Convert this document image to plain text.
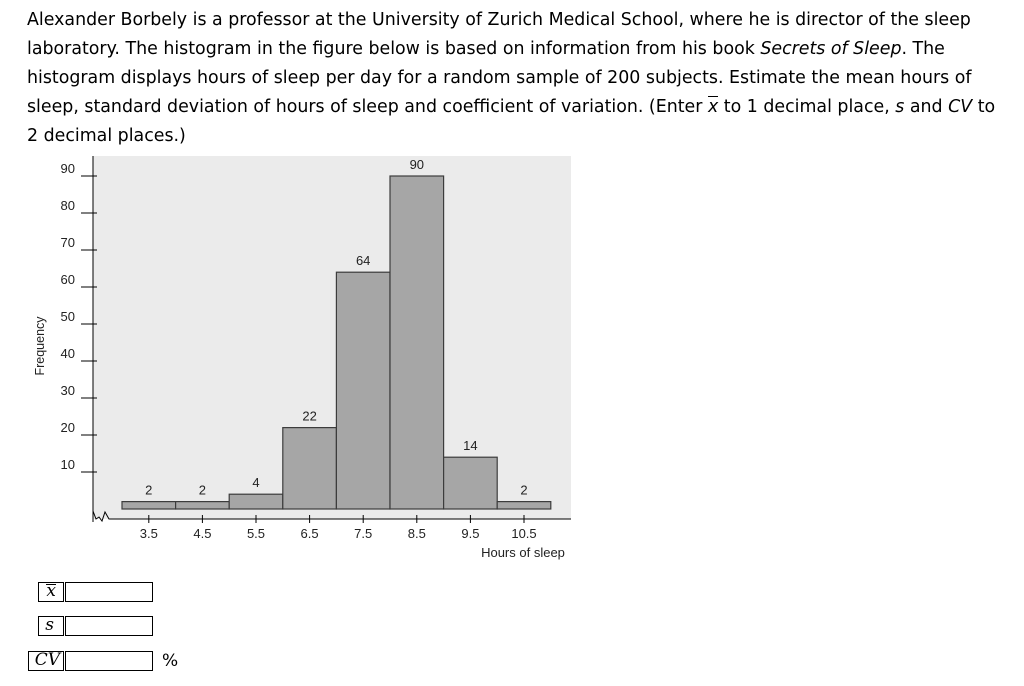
Alexander Borbely is a professor at the University of Zurich Medical School, where he is director of the sleep laboratory. The histogram in the figure below is based on information from his book Secrets of Sleep. The histogram displays hours of sleep per day for a random sample of 200 subjects. Estimate the mean hours of sleep, standard deviation of hours of sleep and coefficient of variation. (Enter x to 1 decimal place, s and CV to 2 decimal places.)

10
20
30
40
50
60
70
80
90
Frequency
3.5	4.5	5.5	6.5	7.5	8.5	9.5 10.5
Hours of sleep
2	2	4
22
64
90
14
2
x
s
CV	%
